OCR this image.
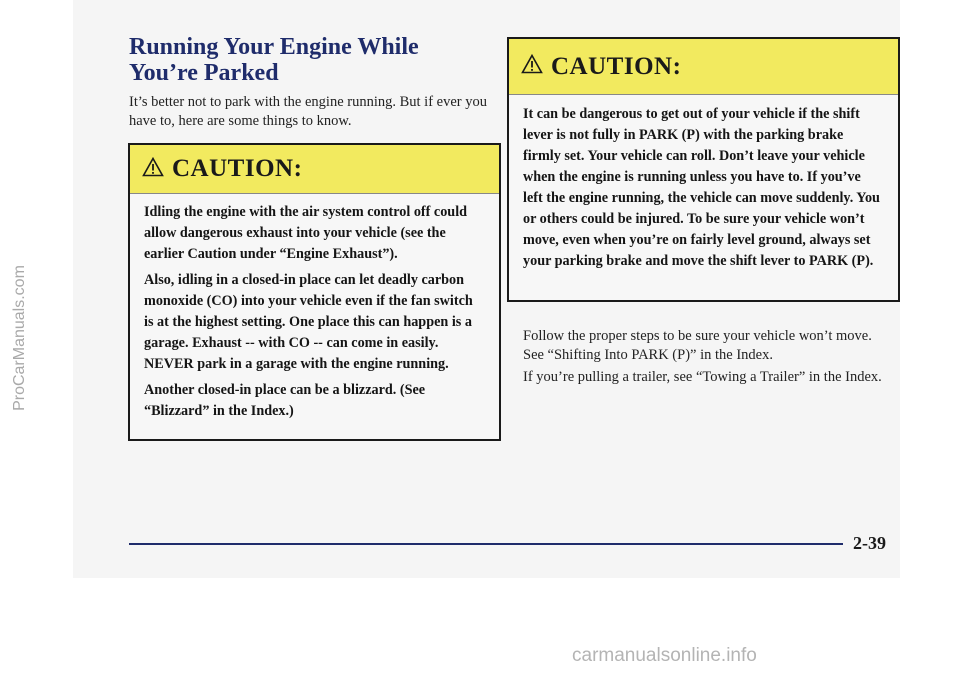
ProCarManuals.com
Running Your Engine While
You’re Parked

It’s better not to park with the engine running. But if ever you have to, here are some things to know.

CAUTION:

Idling the engine with the air system control off could allow dangerous exhaust into your vehicle (see the earlier Caution under “Engine Exhaust”).

Also, idling in a closed-in place can let deadly carbon monoxide (CO) into your vehicle even if the fan switch is at the highest setting. One place this can happen is a garage. Exhaust -- with CO -- can come in easily. NEVER park in a garage with the engine running.

Another closed-in place can be a blizzard. (See “Blizzard” in the Index.)

CAUTION:

It can be dangerous to get out of your vehicle if the shift lever is not fully in PARK (P) with the parking brake firmly set. Your vehicle can roll. Don’t leave your vehicle when the engine is running unless you have to. If you’ve left the engine running, the vehicle can move suddenly. You or others could be injured. To be sure your vehicle won’t move, even when you’re on fairly level ground, always set your parking brake and move the shift lever to PARK (P).

Follow the proper steps to be sure your vehicle won’t move. See “Shifting Into PARK (P)” in the Index.

If you’re pulling a trailer, see “Towing a Trailer” in the Index.

2-39
carmanualsonline.info
